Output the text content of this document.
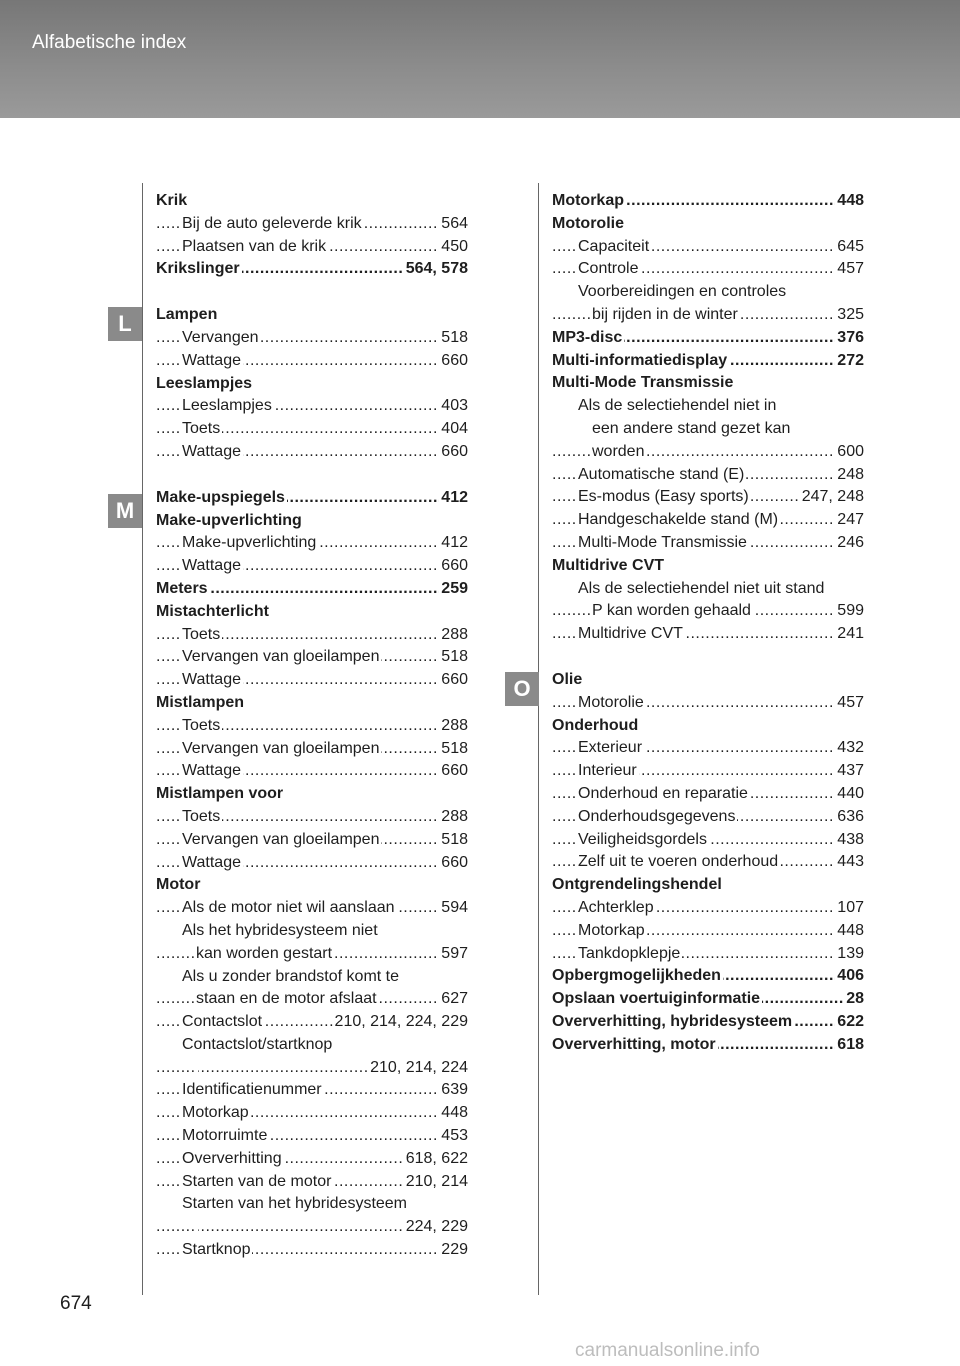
Alfabetische index
L
M
O
Krik
Bij de auto geleverde krik	564
.....
Plaatsen van de krik	450
.....
Krikslinger	564, 578
.....
Lampen
Vervangen	518
.....
Wattage	660
.....
Leeslampjes
Leeslampjes	403
.....
Toets	404
.....
Wattage	660
.....
Make-upspiegels	412
.....
Make-upverlichting
Make-upverlichting	412
.....
Wattage	660
.....
Meters	259
.....
Mistachterlicht
Toets	288
.....
Vervangen van gloeilampen	518
.....
Wattage	660
.....
Mistlampen
Toets	288
.....
Vervangen van gloeilampen	518
.....
Wattage	660
.....
Mistlampen voor
Toets	288
.....
Vervangen van gloeilampen	518
.....
Wattage	660
.....
Motor
Als de motor niet wil aanslaan	594
.....
Als het hybridesysteem niet
kan worden gestart	597
.....
Als u zonder brandstof komt te
staan en de motor afslaat	627
.....
Contactslot	210, 214, 224, 229
.....
Contactslot/startknop
210, 214, 224
.....
Identificatienummer	639
.....
Motorkap	448
.....
Motorruimte	453
.....
Oververhitting	618, 622
.....
Starten van de motor	210, 214
.....
Starten van het hybridesysteem
224, 229
.....
Startknop	229
.....
Motorkap	448
.....
Motorolie
Capaciteit	645
.....
Controle	457
.....
Voorbereidingen en controles
bij rijden in de winter	325
.....
MP3-disc	376
.....
Multi-informatiedisplay	272
.....
Multi-Mode Transmissie
Als de selectiehendel niet in
een andere stand gezet kan
worden	600
.....
Automatische stand (E)	248
.....
Es-modus (Easy sports)	247, 248
.....
Handgeschakelde stand (M)	247
.....
Multi-Mode Transmissie	246
.....
Multidrive CVT
Als de selectiehendel niet uit stand
P kan worden gehaald	599
.....
Multidrive CVT	241
.....
Olie
Motorolie	457
.....
Onderhoud
Exterieur	432
.....
Interieur	437
.....
Onderhoud en reparatie	440
.....
Onderhoudsgegevens	636
.....
Veiligheidsgordels	438
.....
Zelf uit te voeren onderhoud	443
.....
Ontgrendelingshendel
Achterklep	107
.....
Motorkap	448
.....
Tankdopklepje	139
.....
Opbergmogelijkheden	406
.....
Opslaan voertuiginformatie	28
.....
Oververhitting, hybridesysteem	622
.....
Oververhitting, motor	618
.....
674
carmanualsonline.info
